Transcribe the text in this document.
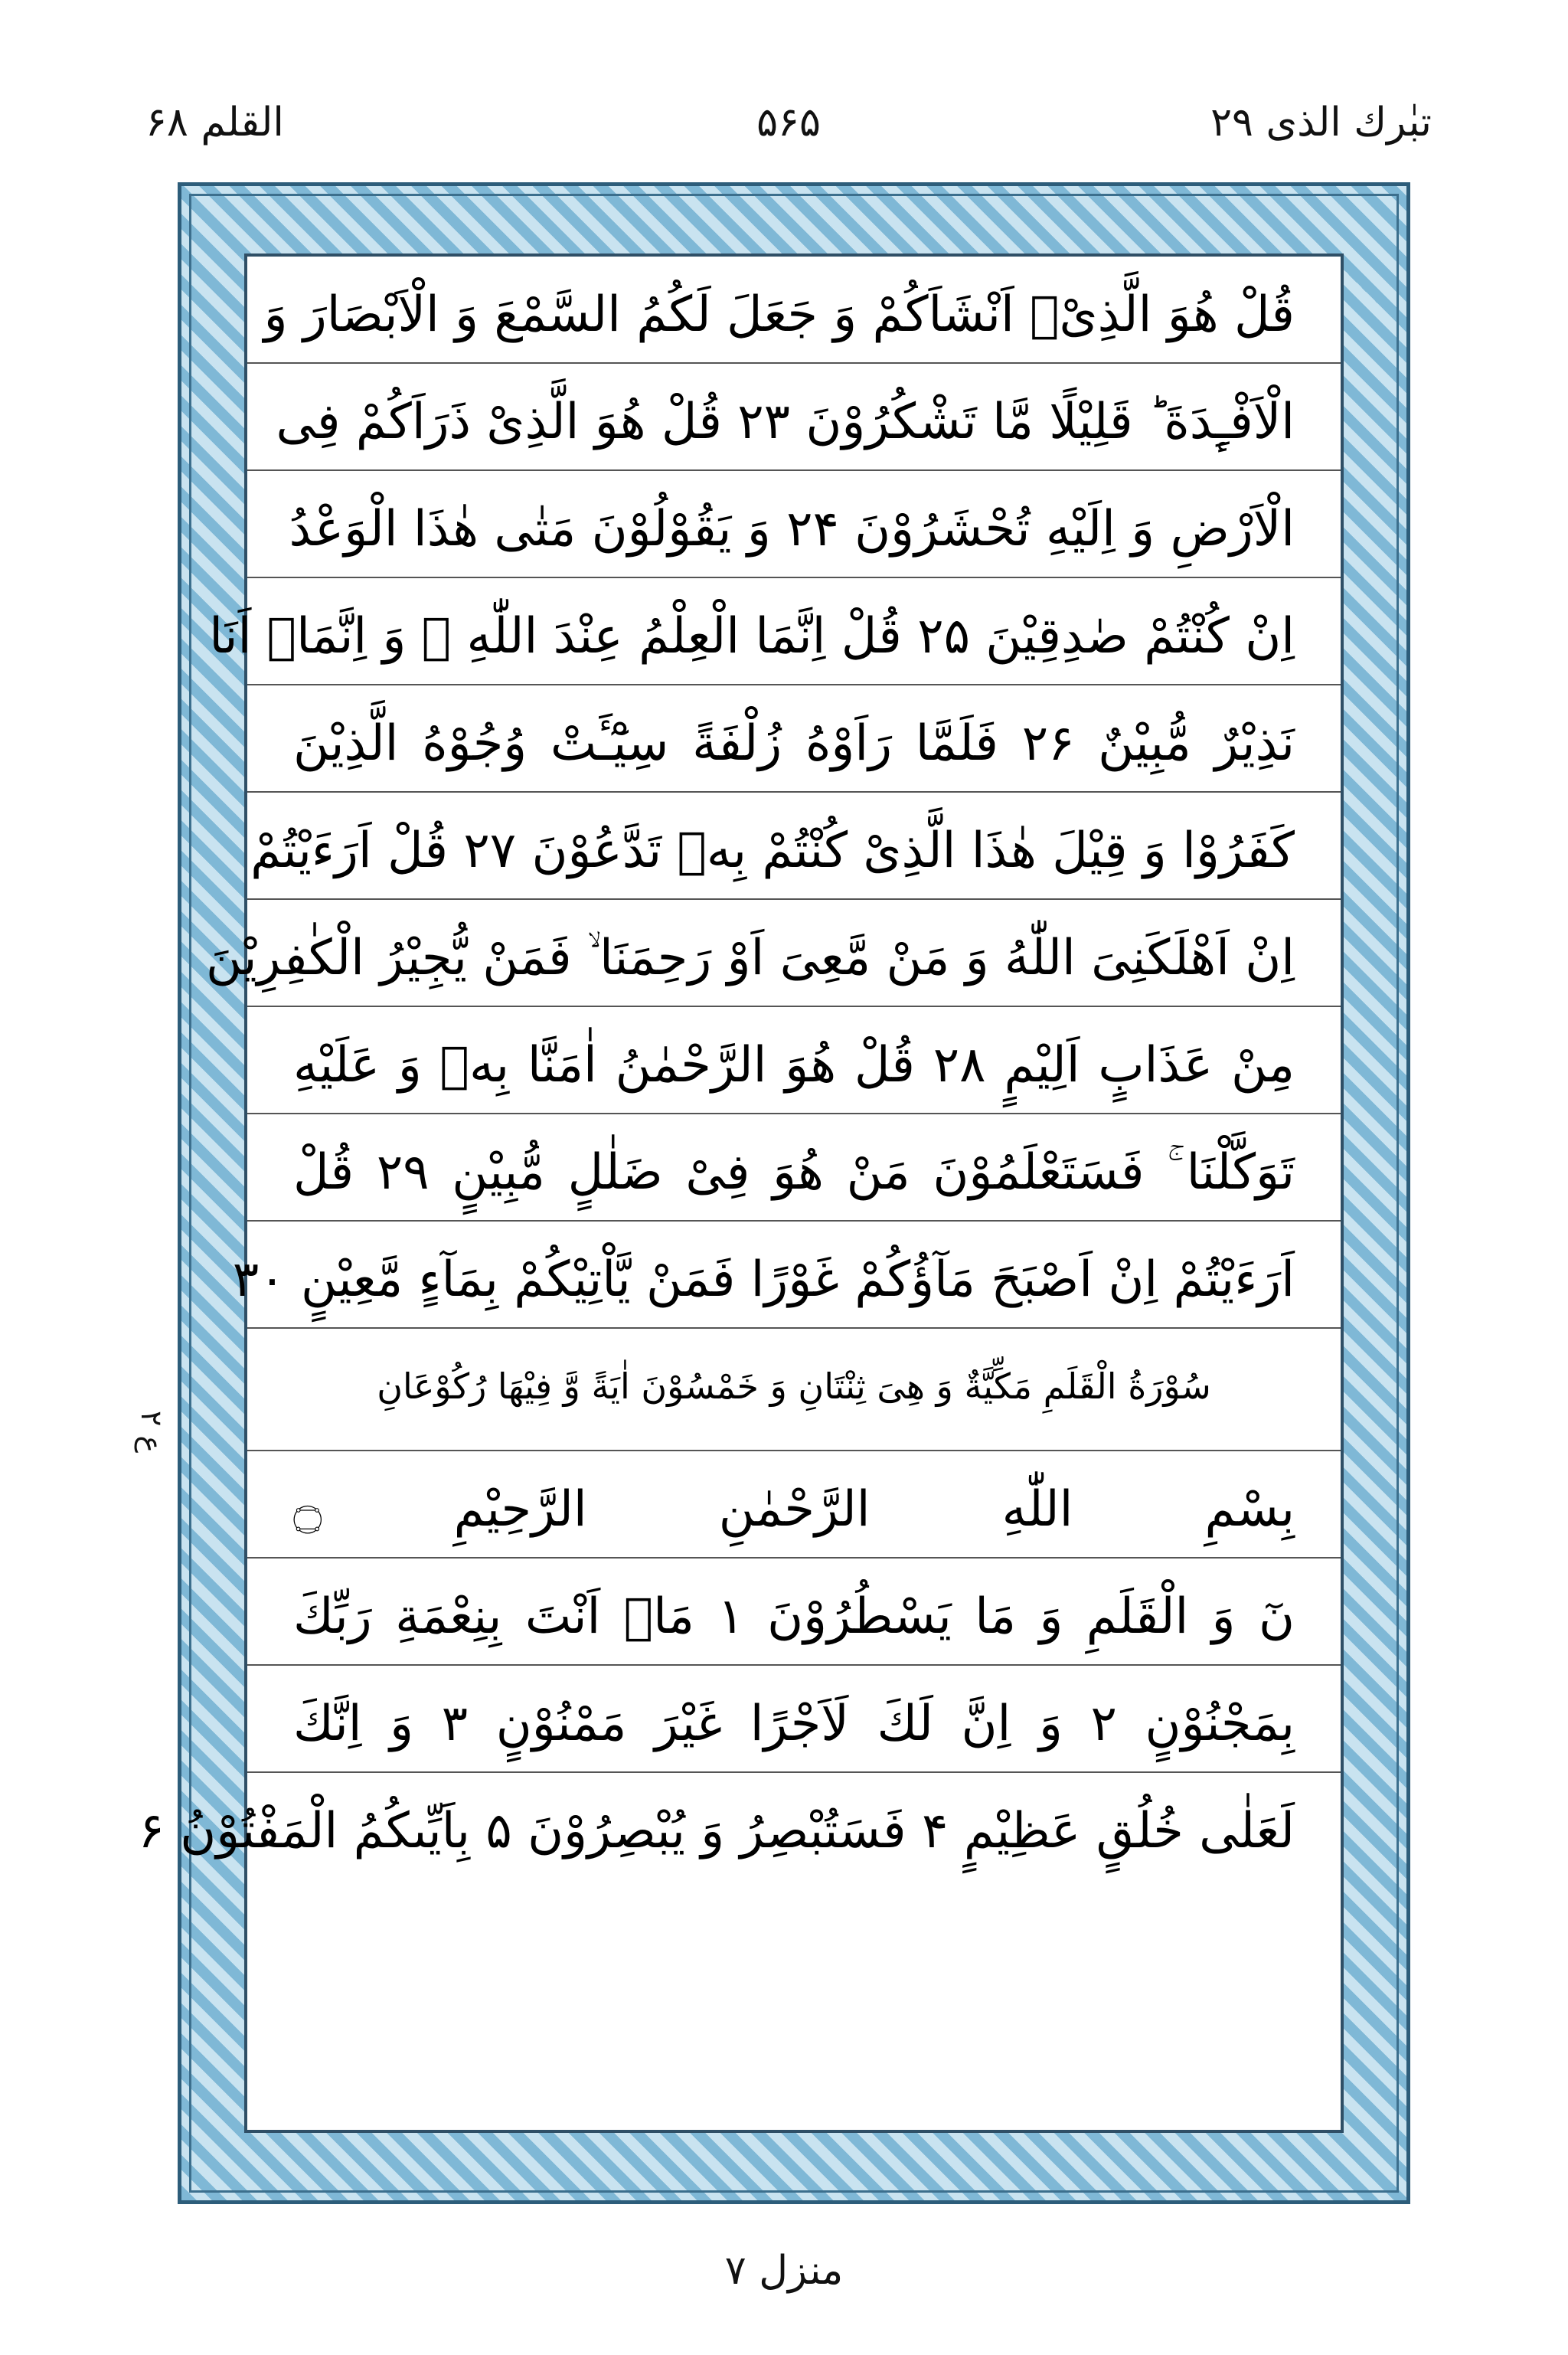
تبٰرك الذی ۲۹
۵۶۵
القلم ۶۸
ع ۲
قُلْ هُوَ الَّذِیْۤ اَنْشَاَكُمْ وَ جَعَلَ لَكُمُ السَّمْعَ وَ الْاَبْصَارَ وَ
الْاَفْـِٕدَةَ ؕ قَلِیْلًا مَّا تَشْكُرُوْنَ ۲۳ قُلْ هُوَ الَّذِیْ ذَرَاَكُمْ فِی
الْاَرْضِ وَ اِلَیْهِ تُحْشَرُوْنَ ۲۴ وَ یَقُوْلُوْنَ مَتٰى هٰذَا الْوَعْدُ
اِنْ كُنْتُمْ صٰدِقِیْنَ ۲۵ قُلْ اِنَّمَا الْعِلْمُ عِنْدَ اللّٰهِ ۪ وَ اِنَّمَاۤ اَنَا
نَذِیْرٌ مُّبِیْنٌ ۲۶ فَلَمَّا رَاَوْهُ زُلْفَةً سِیْٓـَٔتْ وُجُوْهُ الَّذِیْنَ
كَفَرُوْا وَ قِیْلَ هٰذَا الَّذِیْ كُنْتُمْ بِهٖ تَدَّعُوْنَ ۲۷ قُلْ اَرَءَیْتُمْ
اِنْ اَهْلَكَنِیَ اللّٰهُ وَ مَنْ مَّعِیَ اَوْ رَحِمَنَا ۙ فَمَنْ یُّجِیْرُ الْكٰفِرِیْنَ
مِنْ عَذَابٍ اَلِیْمٍ ۲۸ قُلْ هُوَ الرَّحْمٰنُ اٰمَنَّا بِهٖ وَ عَلَیْهِ
تَوَكَّلْنَا ۚ فَسَتَعْلَمُوْنَ مَنْ هُوَ فِیْ ضَلٰلٍ مُّبِیْنٍ ۲۹ قُلْ
اَرَءَیْتُمْ اِنْ اَصْبَحَ مَآؤُكُمْ غَوْرًا فَمَنْ یَّاْتِیْكُمْ بِمَآءٍ مَّعِیْنٍ ۳۰
سُوْرَةُ الْقَلَمِ مَكِّیَّةٌ وَ هِیَ ثِنْتَانِ وَ خَمْسُوْنَ اٰیَةً وَّ فِیْهَا رُكُوْعَانِ
بِسْمِ اللّٰهِ الرَّحْمٰنِ الرَّحِیْمِ ۝
نٓ وَ الْقَلَمِ وَ مَا یَسْطُرُوْنَ ۱ مَاۤ اَنْتَ بِنِعْمَةِ رَبِّكَ
بِمَجْنُوْنٍ ۲ وَ اِنَّ لَكَ لَاَجْرًا غَیْرَ مَمْنُوْنٍ ۳ وَ اِنَّكَ
لَعَلٰى خُلُقٍ عَظِیْمٍ ۴ فَسَتُبْصِرُ وَ یُبْصِرُوْنَ ۵ بِاَیِّىكُمُ الْمَفْتُوْنُ ۶
منزل ۷
